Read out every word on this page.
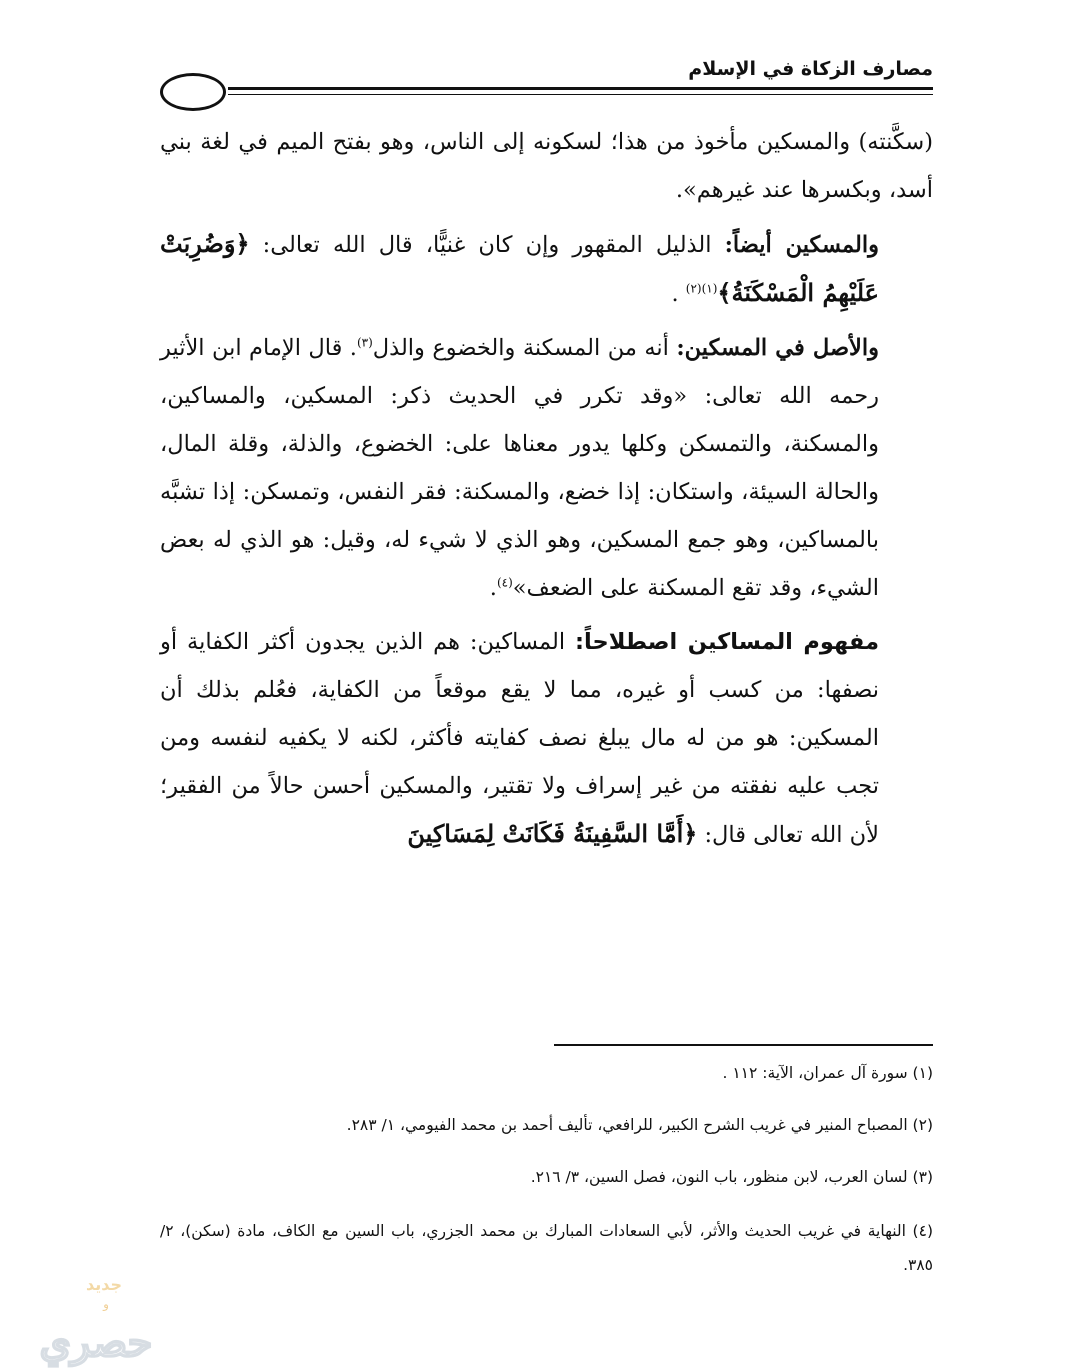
مصارف الزكاة في الإسلام

(سكَّنته) والمسكين مأخوذ من هذا؛ لسكونه إلى الناس، وهو بفتح الميم في لغة بني أسد، وبكسرها عند غيرهم».

والمسكين أيضاً: الذليل المقهور وإن كان غنيًّا، قال الله تعالى: ﴿وَضُرِبَتْ عَلَيْهِمُ الْمَسْكَنَةُ﴾$^{(١)(٢)}$ .

والأصل في المسكين: أنه من المسكنة والخضوع والذل$^{(٣)}$. قال الإمام ابن الأثير رحمه الله تعالى: «وقد تكرر في الحديث ذكر: المسكين، والمساكين، والمسكنة، والتمسكن وكلها يدور معناها على: الخضوع، والذلة، وقلة المال، والحالة السيئة، واستكان: إذا خضع، والمسكنة: فقر النفس، وتمسكن: إذا تشبَّه بالمساكين، وهو جمع المسكين، وهو الذي لا شيء له، وقيل: هو الذي له بعض الشيء، وقد تقع المسكنة على الضعف»$^{(٤)}$.

مفهوم المساكين اصطلاحاً: المساكين: هم الذين يجدون أكثر الكفاية أو نصفها: من كسب أو غيره، مما لا يقع موقعاً من الكفاية، فعُلم بذلك أن المسكين: هو من له مال يبلغ نصف كفايته فأكثر، لكنه لا يكفيه لنفسه ومن تجب عليه نفقته من غير إسراف ولا تقتير، والمسكين أحسن حالاً من الفقير؛ لأن الله تعالى قال: ﴿أَمَّا السَّفِينَةُ فَكَانَتْ لِمَسَاكِينَ

(١) سورة آل عمران، الآية: ١١٢ .
(٢) المصباح المنير في غريب الشرح الكبير، للرافعي، تأليف أحمد بن محمد الفيومي، ١/ ٢٨٣.
(٣) لسان العرب، لابن منظور، باب النون، فصل السين، ٣/ ٢١٦.
(٤) النهاية في غريب الحديث والأثر، لأبي السعادات المبارك بن محمد الجزري، باب السين مع الكاف، مادة (سكن)، ٢/ ٣٨٥.
جديد
و
حصري
